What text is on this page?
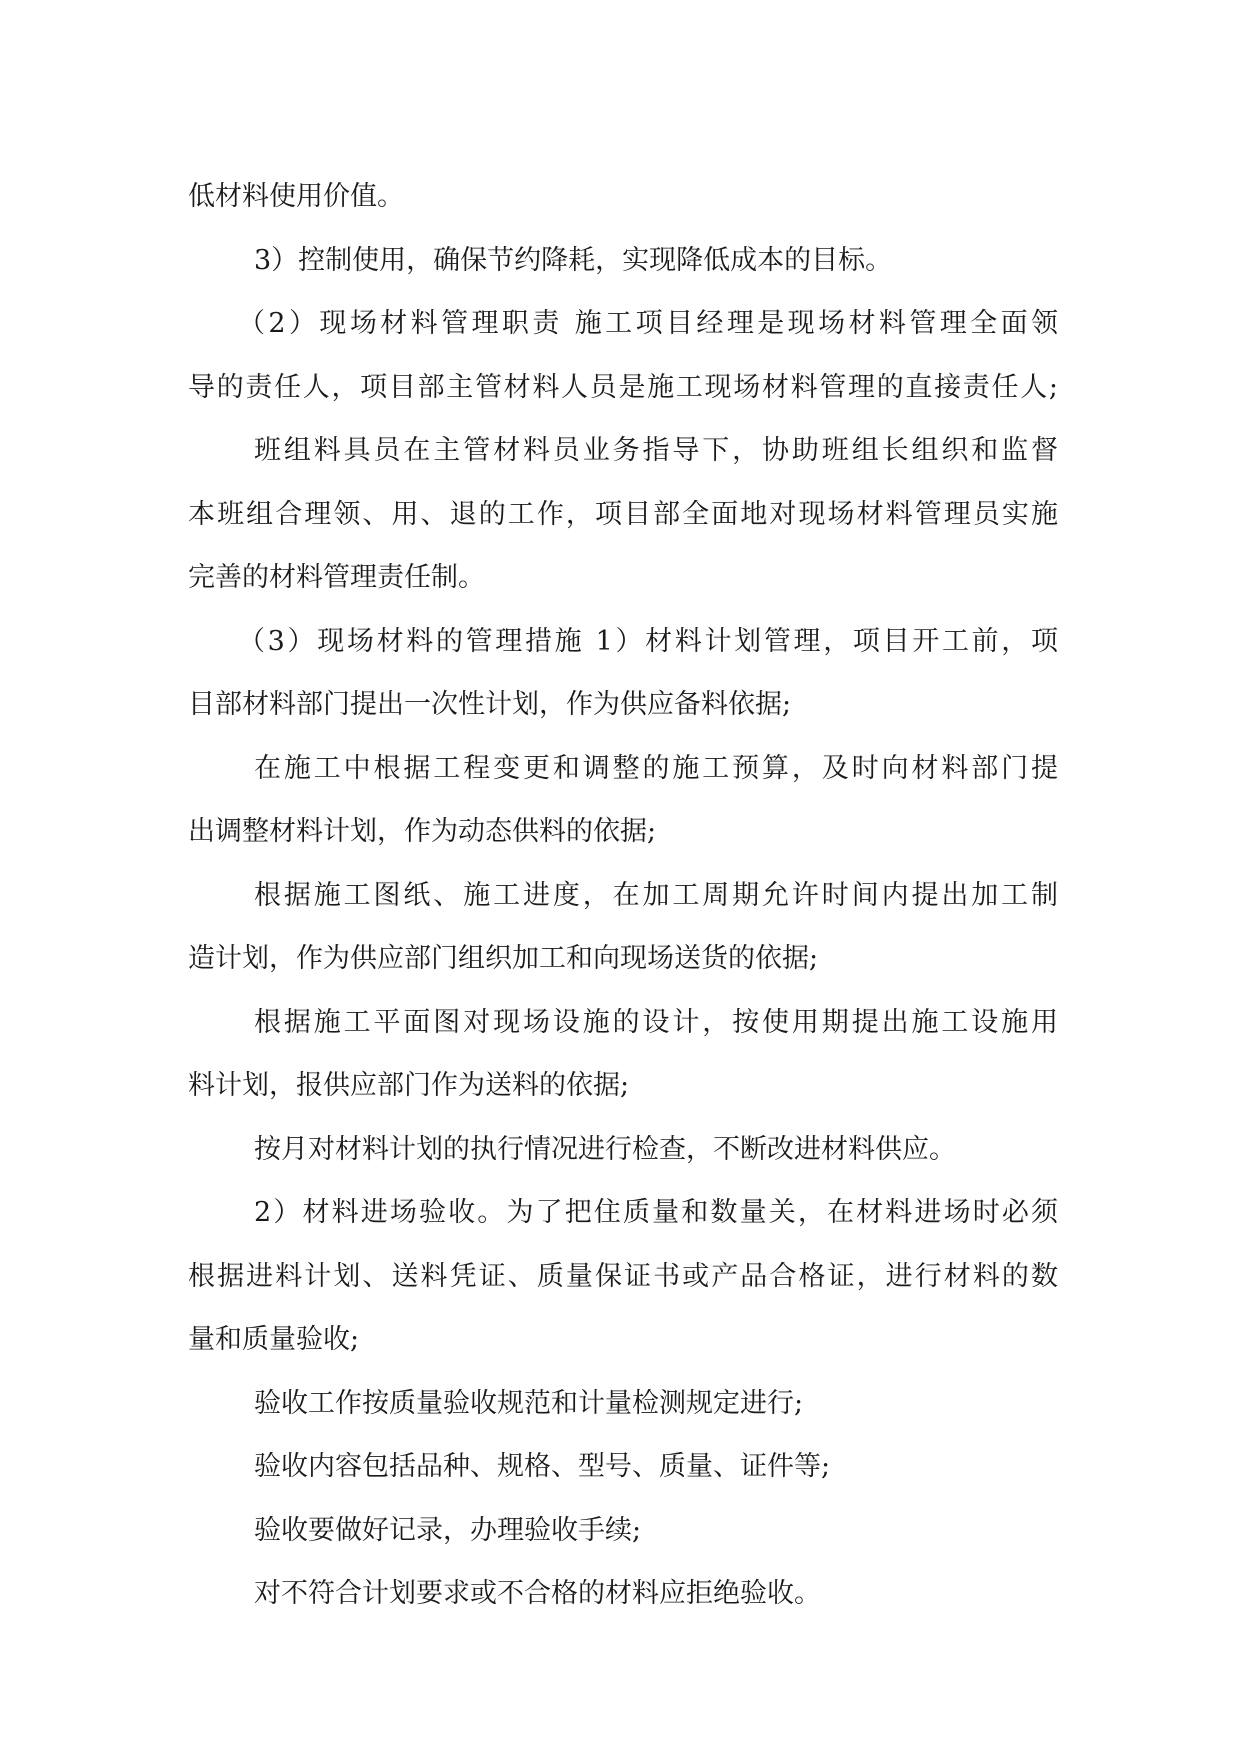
低材料使用价值。

3）控制使用，确保节约降耗，实现降低成本的目标。

（2）现场材料管理职责 施工项目经理是现场材料管理全面领

导的责任人，项目部主管材料人员是施工现场材料管理的直接责任人;

班组料具员在主管材料员业务指导下，协助班组长组织和监督

本班组合理领、用、退的工作，项目部全面地对现场材料管理员实施

完善的材料管理责任制。

（3）现场材料的管理措施 1）材料计划管理，项目开工前，项

目部材料部门提出一次性计划，作为供应备料依据;

在施工中根据工程变更和调整的施工预算，及时向材料部门提

出调整材料计划，作为动态供料的依据;

根据施工图纸、施工进度，在加工周期允许时间内提出加工制

造计划，作为供应部门组织加工和向现场送货的依据;

根据施工平面图对现场设施的设计，按使用期提出施工设施用

料计划，报供应部门作为送料的依据;

按月对材料计划的执行情况进行检查，不断改进材料供应。

2）材料进场验收。为了把住质量和数量关，在材料进场时必须

根据进料计划、送料凭证、质量保证书或产品合格证，进行材料的数

量和质量验收;

验收工作按质量验收规范和计量检测规定进行;

验收内容包括品种、规格、型号、质量、证件等;

验收要做好记录，办理验收手续;

对不符合计划要求或不合格的材料应拒绝验收。
